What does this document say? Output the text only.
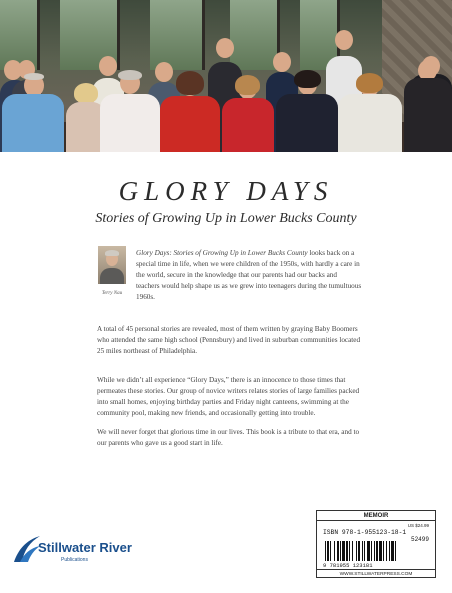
GLORY DAYS
Stories of Growing Up in Lower Bucks County
Terry Nau

Glory Days: Stories of Growing Up in Lower Bucks County looks back on a special time in life, when we were children of the 1950s, with hardly a care in the world, secure in the knowledge that our parents had our backs and teachers would help shape us as we grew into teenagers during the tumultuous 1960s.

A total of 45 personal stories are revealed, most of them written by graying Baby Boomers who attended the same high school (Pennsbury) and lived in suburban communities located 25 miles northeast of Philadelphia.

While we didn’t all experience “Glory Days,” there is an innocence to those times that permeates these stories. Our group of novice writers relates stories of large families packed into small homes, enjoying birthday parties and Friday night canteens, swimming at the community pool, making new friends, and occasionally getting into trouble.

We will never forget that glorious time in our lives. This book is a tribute to that era, and to our parents who gave us a good start in life.

Stillwater River
Publications
MEMOIR
US $24.99
ISBN 978-1-955123-18-1
52499
9 781955 123181
WWW.STILLWATERPRESS.COM
